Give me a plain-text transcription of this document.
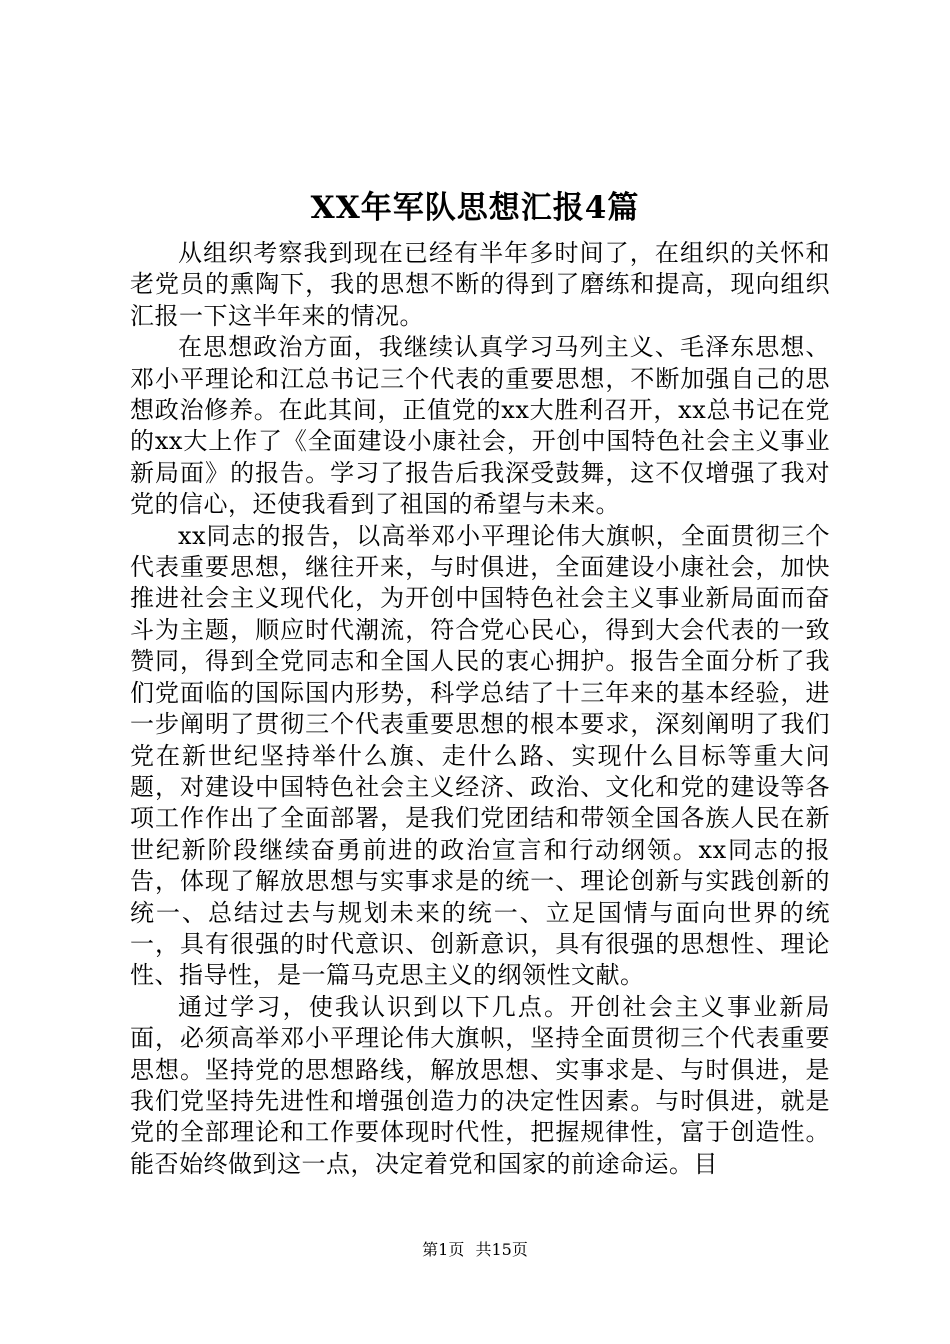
XX年军队思想汇报4篇

从组织考察我到现在已经有半年多时间了，在组织的关怀和老党员的熏陶下，我的思想不断的得到了磨练和提高，现向组织汇报一下这半年来的情况。

在思想政治方面，我继续认真学习马列主义、毛泽东思想、邓小平理论和江总书记三个代表的重要思想，不断加强自己的思想政治修养。在此其间，正值党的xx大胜利召开，xx总书记在党的xx大上作了《全面建设小康社会，开创中国特色社会主义事业新局面》的报告。学习了报告后我深受鼓舞，这不仅增强了我对党的信心，还使我看到了祖国的希望与未来。

xx同志的报告，以高举邓小平理论伟大旗帜，全面贯彻三个代表重要思想，继往开来，与时俱进，全面建设小康社会，加快推进社会主义现代化，为开创中国特色社会主义事业新局面而奋斗为主题，顺应时代潮流，符合党心民心，得到大会代表的一致赞同，得到全党同志和全国人民的衷心拥护。报告全面分析了我们党面临的国际国内形势，科学总结了十三年来的基本经验，进一步阐明了贯彻三个代表重要思想的根本要求，深刻阐明了我们党在新世纪坚持举什么旗、走什么路、实现什么目标等重大问题，对建设中国特色社会主义经济、政治、文化和党的建设等各项工作作出了全面部署，是我们党团结和带领全国各族人民在新世纪新阶段继续奋勇前进的政治宣言和行动纲领。xx同志的报告，体现了解放思想与实事求是的统一、理论创新与实践创新的统一、总结过去与规划未来的统一、立足国情与面向世界的统一，具有很强的时代意识、创新意识，具有很强的思想性、理论性、指导性，是一篇马克思主义的纲领性文献。

通过学习，使我认识到以下几点。开创社会主义事业新局面，必须高举邓小平理论伟大旗帜，坚持全面贯彻三个代表重要思想。坚持党的思想路线，解放思想、实事求是、与时俱进，是我们党坚持先进性和增强创造力的决定性因素。与时俱进，就是党的全部理论和工作要体现时代性，把握规律性，富于创造性。能否始终做到这一点，决定着党和国家的前途命运。目

第1页 共15页
